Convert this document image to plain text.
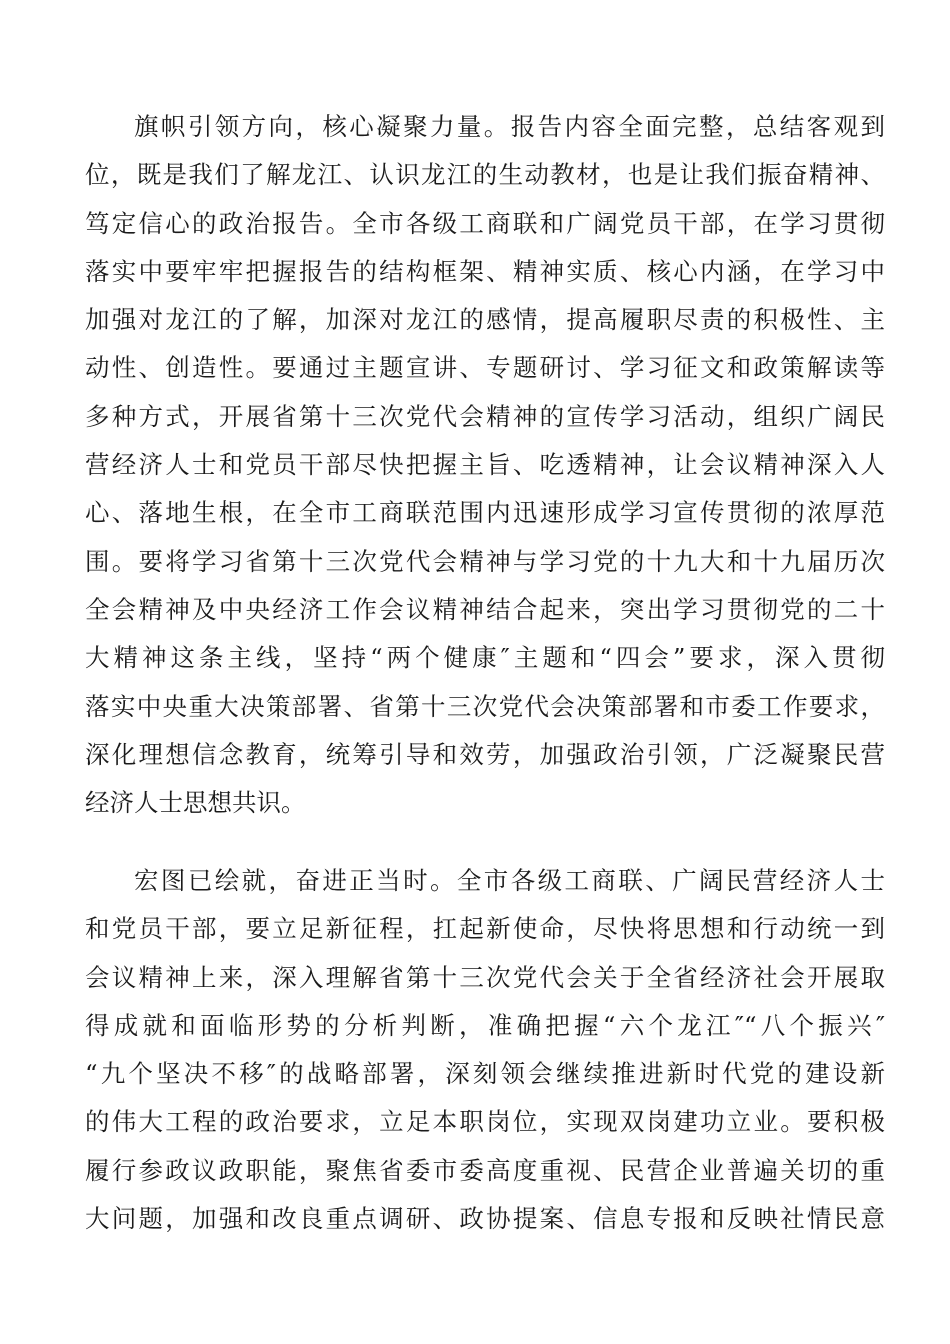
旗帜引领方向，核心凝聚力量。报告内容全面完整，总结客观到
位，既是我们了解龙江、认识龙江的生动教材，也是让我们振奋精神、
笃定信心的政治报告。全市各级工商联和广阔党员干部，在学习贯彻
落实中要牢牢把握报告的结构框架、精神实质、核心内涵，在学习中
加强对龙江的了解，加深对龙江的感情，提高履职尽责的积极性、主
动性、创造性。要通过主题宣讲、专题研讨、学习征文和政策解读等
多种方式，开展省第十三次党代会精神的宣传学习活动，组织广阔民
营经济人士和党员干部尽快把握主旨、吃透精神，让会议精神深入人
心、落地生根，在全市工商联范围内迅速形成学习宣传贯彻的浓厚范
围。要将学习省第十三次党代会精神与学习党的十九大和十九届历次
全会精神及中央经济工作会议精神结合起来，突出学习贯彻党的二十
大精神这条主线，坚持“两个健康″主题和“四会”要求，深入贯彻
落实中央重大决策部署、省第十三次党代会决策部署和市委工作要求，
深化理想信念教育，统筹引导和效劳，加强政治引领，广泛凝聚民营
经济人士思想共识。
宏图已绘就，奋进正当时。全市各级工商联、广阔民营经济人士
和党员干部，要立足新征程，扛起新使命，尽快将思想和行动统一到
会议精神上来，深入理解省第十三次党代会关于全省经济社会开展取
得成就和面临形势的分析判断，准确把握“六个龙江″“八个振兴″
“九个坚决不移″的战略部署，深刻领会继续推进新时代党的建设新
的伟大工程的政治要求，立足本职岗位，实现双岗建功立业。要积极
履行参政议政职能，聚焦省委市委高度重视、民营企业普遍关切的重
大问题，加强和改良重点调研、政协提案、信息专报和反映社情民意
